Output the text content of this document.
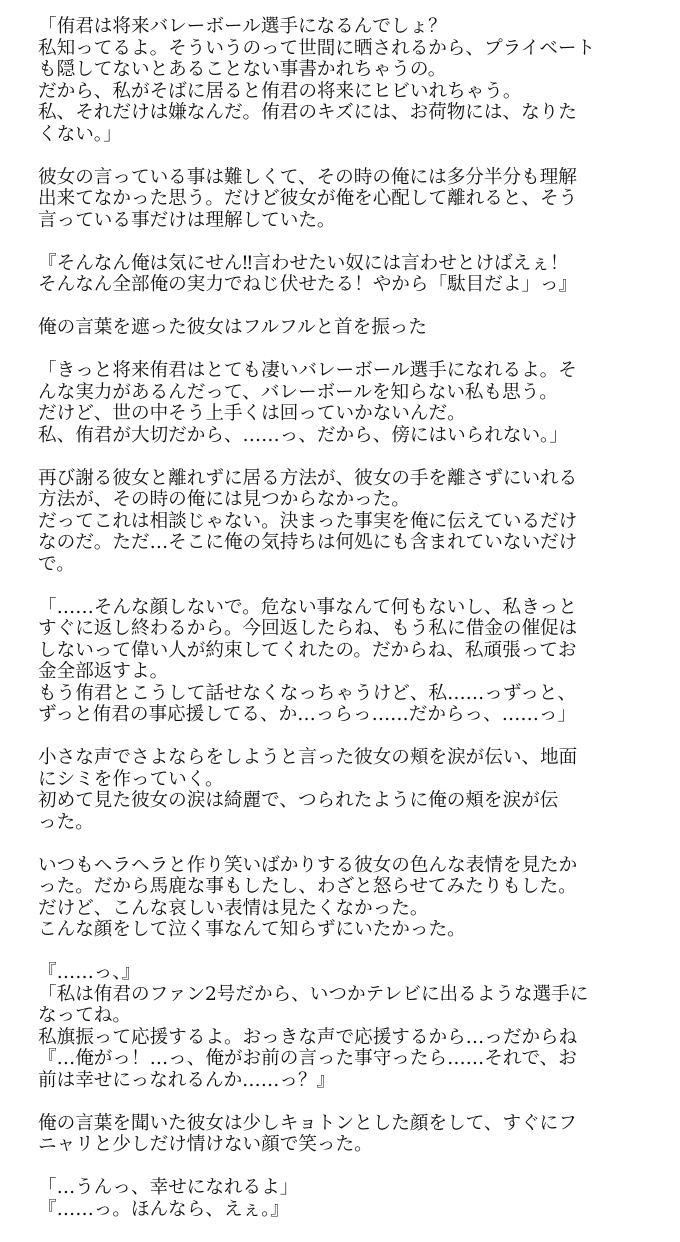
「侑君は将来バレーボール選手になるんでしょ？
私知ってるよ。そういうのって世間に晒されるから、プライベート
も隠してないとあることない事書かれちゃうの。
だから、私がそばに居ると侑君の将来にヒビいれちゃう。
私、それだけは嫌なんだ。侑君のキズには、お荷物には、なりた
くない。」
彼女の言っている事は難しくて、その時の俺には多分半分も理解
出来てなかった思う。だけど彼女が俺を心配して離れると、そう
言っている事だけは理解していた。
『そんなん俺は気にせん‼︎言わせたい奴には言わせとけばえぇ！
そんなん全部俺の実力でねじ伏せたる！やから「駄目だよ」っ』
俺の言葉を遮った彼女はフルフルと首を振った
「きっと将来侑君はとても凄いバレーボール選手になれるよ。そ
んな実力があるんだって、バレーボールを知らない私も思う。
だけど、世の中そう上手くは回っていかないんだ。
私、侑君が大切だから、……っ、だから、傍にはいられない。」
再び謝る彼女と離れずに居る方法が、彼女の手を離さずにいれる
方法が、その時の俺には見つからなかった。
だってこれは相談じゃない。決まった事実を俺に伝えているだけ
なのだ。ただ…そこに俺の気持ちは何処にも含まれていないだけ
で。
「……そんな顔しないで。危ない事なんて何もないし、私きっと
すぐに返し終わるから。今回返したらね、もう私に借金の催促は
しないって偉い人が約束してくれたの。だからね、私頑張ってお
金全部返すよ。
もう侑君とこうして話せなくなっちゃうけど、私……っずっと、
ずっと侑君の事応援してる、か…っらっ……だからっ、……っ」
小さな声でさよならをしようと言った彼女の頬を涙が伝い、地面
にシミを作っていく。
初めて見た彼女の涙は綺麗で、つられたように俺の頬を涙が伝
った。
いつもヘラヘラと作り笑いばかりする彼女の色んな表情を見たか
った。だから馬鹿な事もしたし、わざと怒らせてみたりもした。
だけど、こんな哀しい表情は見たくなかった。
こんな顔をして泣く事なんて知らずにいたかった。
『……っ、』
「私は侑君のファン2号だから、いつかテレビに出るような選手に
なってね。
私旗振って応援するよ。おっきな声で応援するから…っだからね
『…俺がっ！…っ、俺がお前の言った事守ったら……それで、お
前は幸せにっなれるんか……っ？』
俺の言葉を聞いた彼女は少しキョトンとした顔をして、すぐにフ
ニャリと少しだけ情けない顔で笑った。
「…うんっ、幸せになれるよ」
『……っ。ほんなら、えぇ。』
